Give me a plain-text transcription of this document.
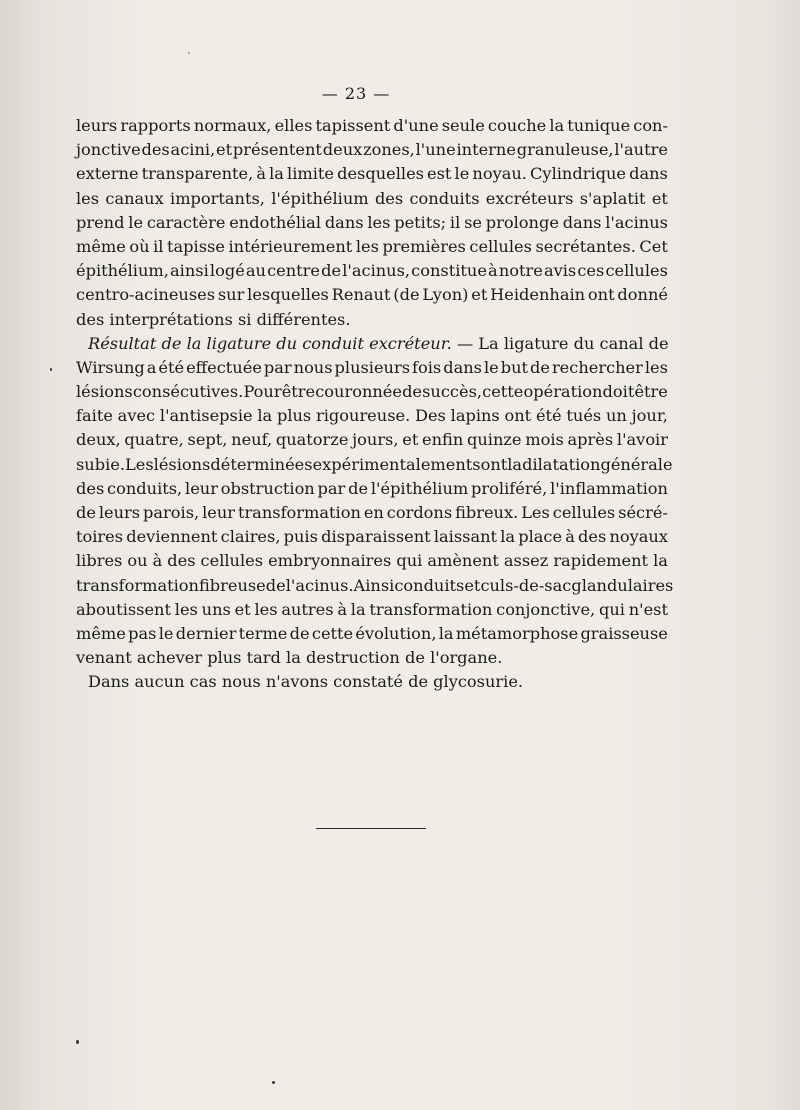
— 23 —
leurs rapports normaux, elles tapissent d'une seule couche la tunique con-
jonctive des acini, et présentent deux zones, l'une interne granuleuse, l'autre
externe transparente, à la limite desquelles est le noyau. Cylindrique dans
les canaux importants, l'épithélium des conduits excréteurs s'aplatit et
prend le caractère endothélial dans les petits; il se prolonge dans l'acinus
même où il tapisse intérieurement les premières cellules secrétantes. Cet
épithélium, ainsi logé au centre de l'acinus, constitue à notre avis ces cellules
centro-acineuses sur lesquelles Renaut (de Lyon) et Heidenhain ont donné
des interprétations si différentes.
Résultat de la ligature du conduit excréteur. — La ligature du canal de
Wirsung a été effectuée par nous plusieurs fois dans le but de rechercher les
lésions consécutives. Pour être couronnée de succès, cette opération doit être
faite avec l'antisepsie la plus rigoureuse. Des lapins ont été tués un jour,
deux, quatre, sept, neuf, quatorze jours, et enfin quinze mois après l'avoir
subie. Les lésions déterminées expérimentalement sont la dilatation générale
des conduits, leur obstruction par de l'épithélium proliféré, l'inflammation
de leurs parois, leur transformation en cordons fibreux. Les cellules sécré-
toires deviennent claires, puis disparaissent laissant la place à des noyaux
libres ou à des cellules embryonnaires qui amènent assez rapidement la
transformation fibreuse de l'acinus. Ainsi conduits et culs-de-sac glandulaires
aboutissent les uns et les autres à la transformation conjonctive, qui n'est
même pas le dernier terme de cette évolution, la métamorphose graisseuse
venant achever plus tard la destruction de l'organe.
Dans aucun cas nous n'avons constaté de glycosurie.
